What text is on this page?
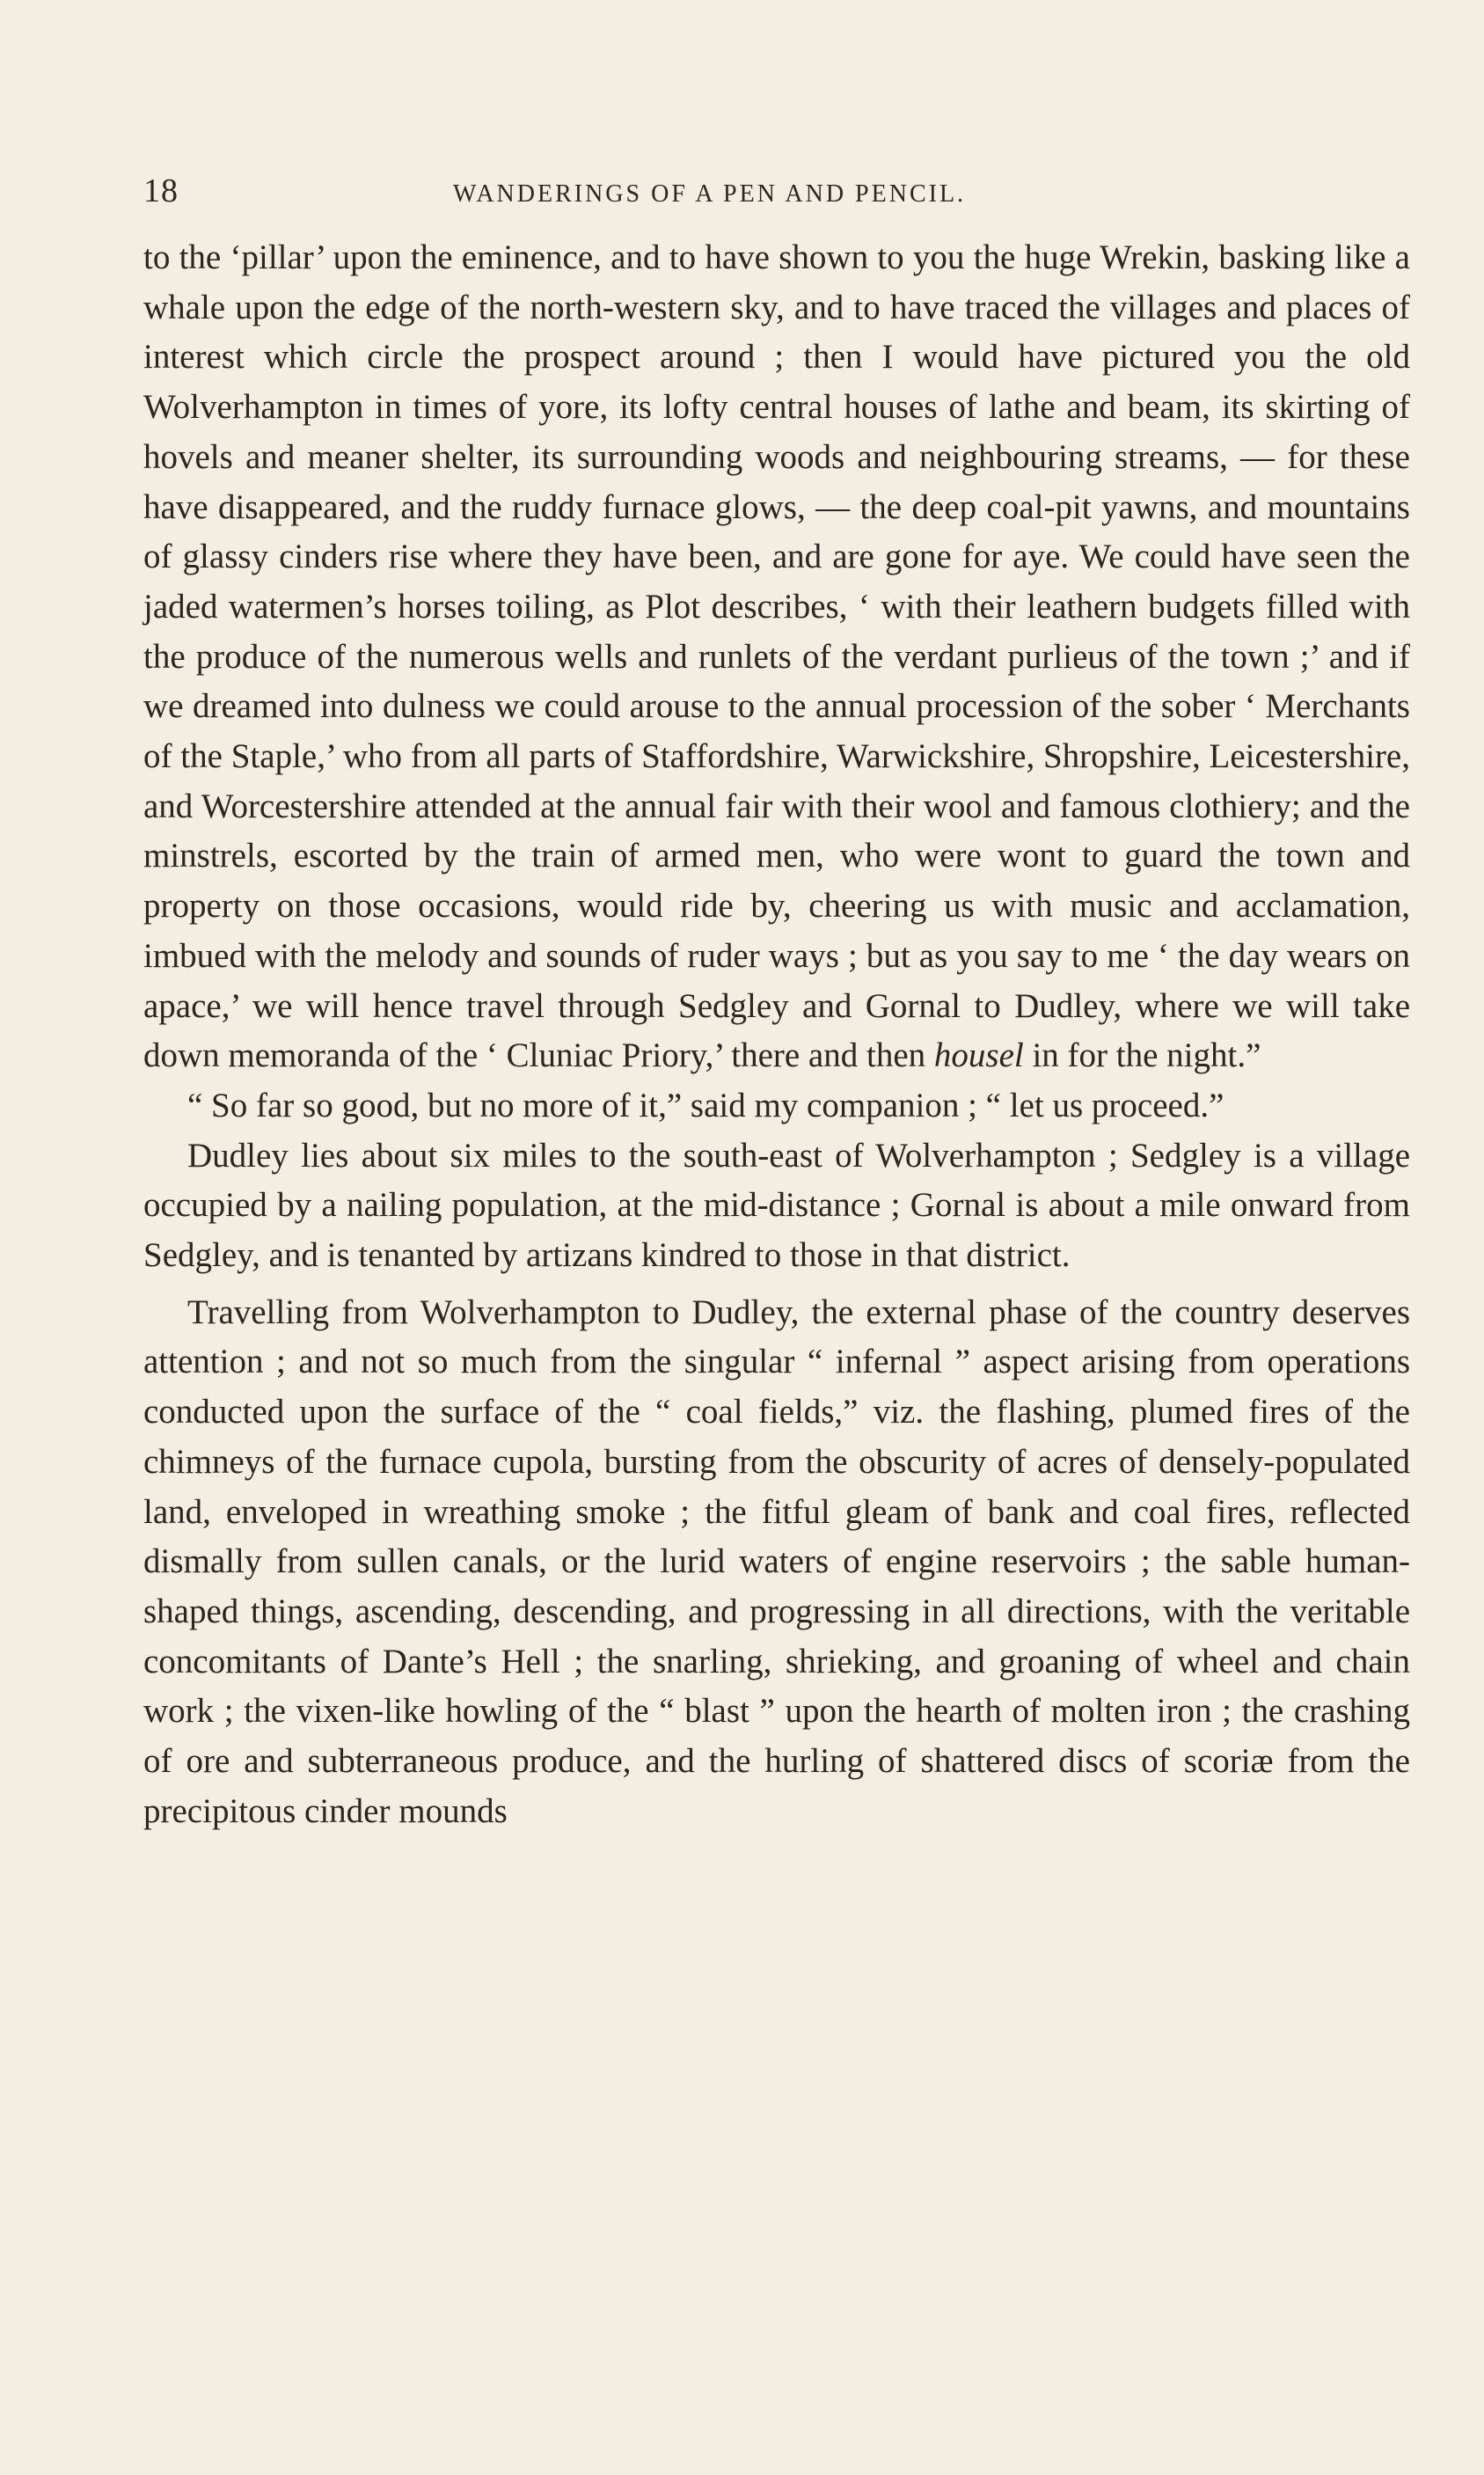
18	WANDERINGS OF A PEN AND PENCIL.

to the ‘pillar’ upon the eminence, and to have shown to you the huge Wrekin, basking like a whale upon the edge of the north-western sky, and to have traced the villages and places of interest which circle the prospect around ; then I would have pictured you the old Wolverhampton in times of yore, its lofty central houses of lathe and beam, its skirting of hovels and meaner shelter, its surrounding woods and neighbouring streams, — for these have disappeared, and the ruddy furnace glows, — the deep coal-pit yawns, and mountains of glassy cinders rise where they have been, and are gone for aye. We could have seen the jaded watermen’s horses toiling, as Plot describes, ‘ with their leathern budgets filled with the produce of the numerous wells and runlets of the verdant purlieus of the town ;’ and if we dreamed into dulness we could arouse to the annual procession of the sober ‘ Merchants of the Staple,’ who from all parts of Staffordshire, Warwickshire, Shropshire, Leicestershire, and Worcestershire attended at the annual fair with their wool and famous clothiery; and the minstrels, escorted by the train of armed men, who were wont to guard the town and property on those occasions, would ride by, cheering us with music and acclamation, imbued with the melody and sounds of ruder ways ; but as you say to me ‘ the day wears on apace,’ we will hence travel through Sedgley and Gornal to Dudley, where we will take down memoranda of the ‘ Cluniac Priory,’ there and then housel in for the night.”

“ So far so good, but no more of it,” said my companion ; “ let us proceed.”

Dudley lies about six miles to the south-east of Wolverhampton ; Sedgley is a village occupied by a nailing population, at the mid-distance ; Gornal is about a mile onward from Sedgley, and is tenanted by artizans kindred to those in that district.

Travelling from Wolverhampton to Dudley, the external phase of the country deserves attention ; and not so much from the singular “ infernal ” aspect arising from operations conducted upon the surface of the “ coal fields,” viz. the flashing, plumed fires of the chimneys of the furnace cupola, bursting from the obscurity of acres of densely-populated land, enveloped in wreathing smoke ; the fitful gleam of bank and coal fires, reflected dismally from sullen canals, or the lurid waters of engine reservoirs ; the sable human-shaped things, ascending, descending, and progressing in all directions, with the veritable concomitants of Dante’s Hell ; the snarling, shrieking, and groaning of wheel and chain work ; the vixen-like howling of the “ blast ” upon the hearth of molten iron ; the crashing of ore and subterraneous produce, and the hurling of shattered discs of scoriæ from the precipitous cinder mounds
